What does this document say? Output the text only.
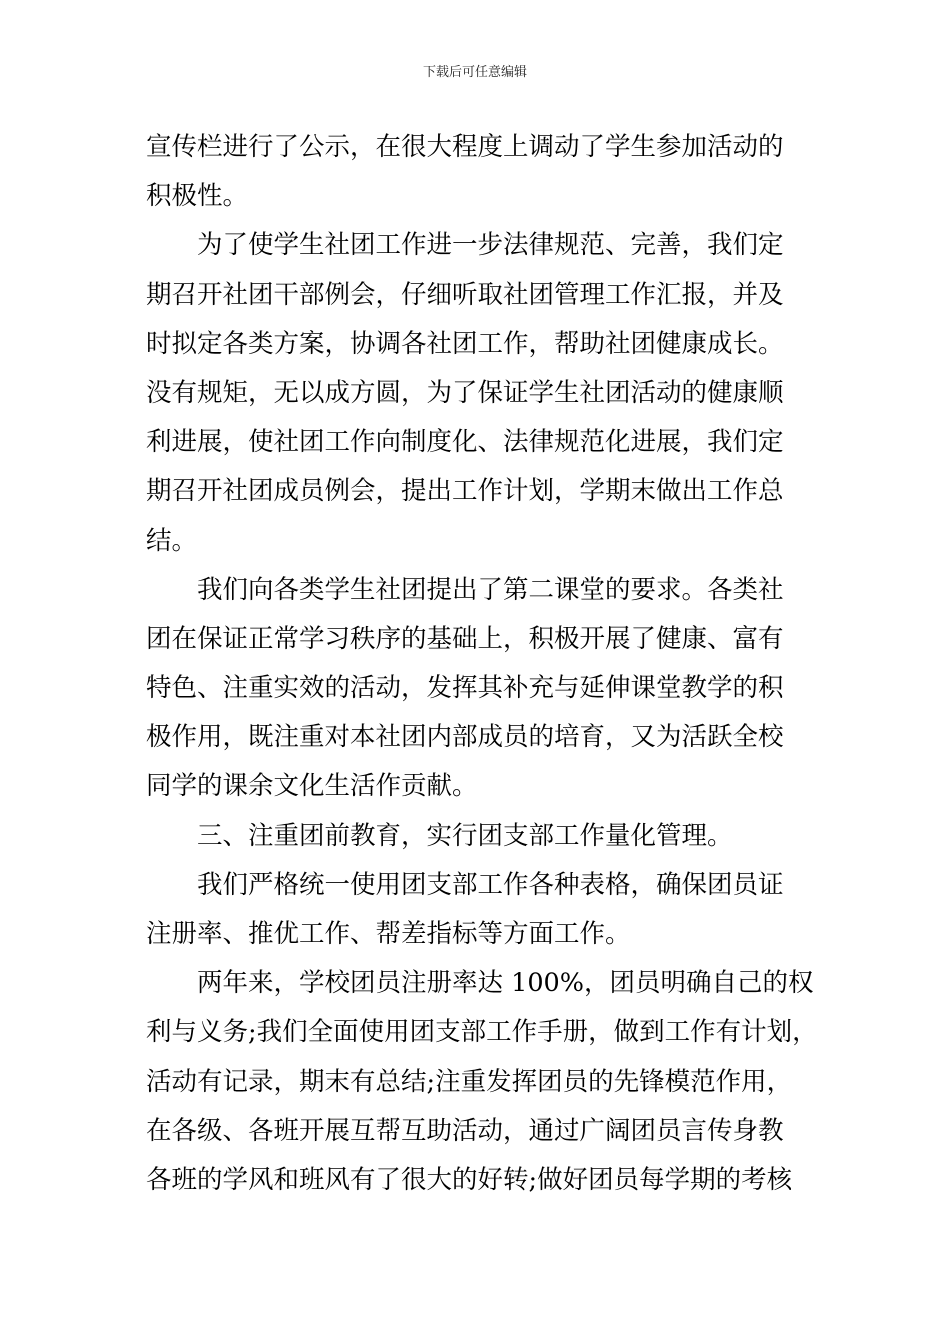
下载后可任意编辑
宣传栏进行了公示，在很大程度上调动了学生参加活动的
积极性。
为了使学生社团工作进一步法律规范、完善，我们定
期召开社团干部例会，仔细听取社团管理工作汇报，并及
时拟定各类方案，协调各社团工作，帮助社团健康成长。
没有规矩，无以成方圆，为了保证学生社团活动的健康顺
利进展，使社团工作向制度化、法律规范化进展，我们定
期召开社团成员例会，提出工作计划，学期末做出工作总
结。
我们向各类学生社团提出了第二课堂的要求。各类社
团在保证正常学习秩序的基础上，积极开展了健康、富有
特色、注重实效的活动，发挥其补充与延伸课堂教学的积
极作用，既注重对本社团内部成员的培育，又为活跃全校
同学的课余文化生活作贡献。
三、注重团前教育，实行团支部工作量化管理。
我们严格统一使用团支部工作各种表格，确保团员证
注册率、推优工作、帮差指标等方面工作。
两年来，学校团员注册率达 100%，团员明确自己的权
利与义务;我们全面使用团支部工作手册，做到工作有计划，
活动有记录，期末有总结;注重发挥团员的先锋模范作用，
在各级、各班开展互帮互助活动，通过广阔团员言传身教
各班的学风和班风有了很大的好转;做好团员每学期的考核
